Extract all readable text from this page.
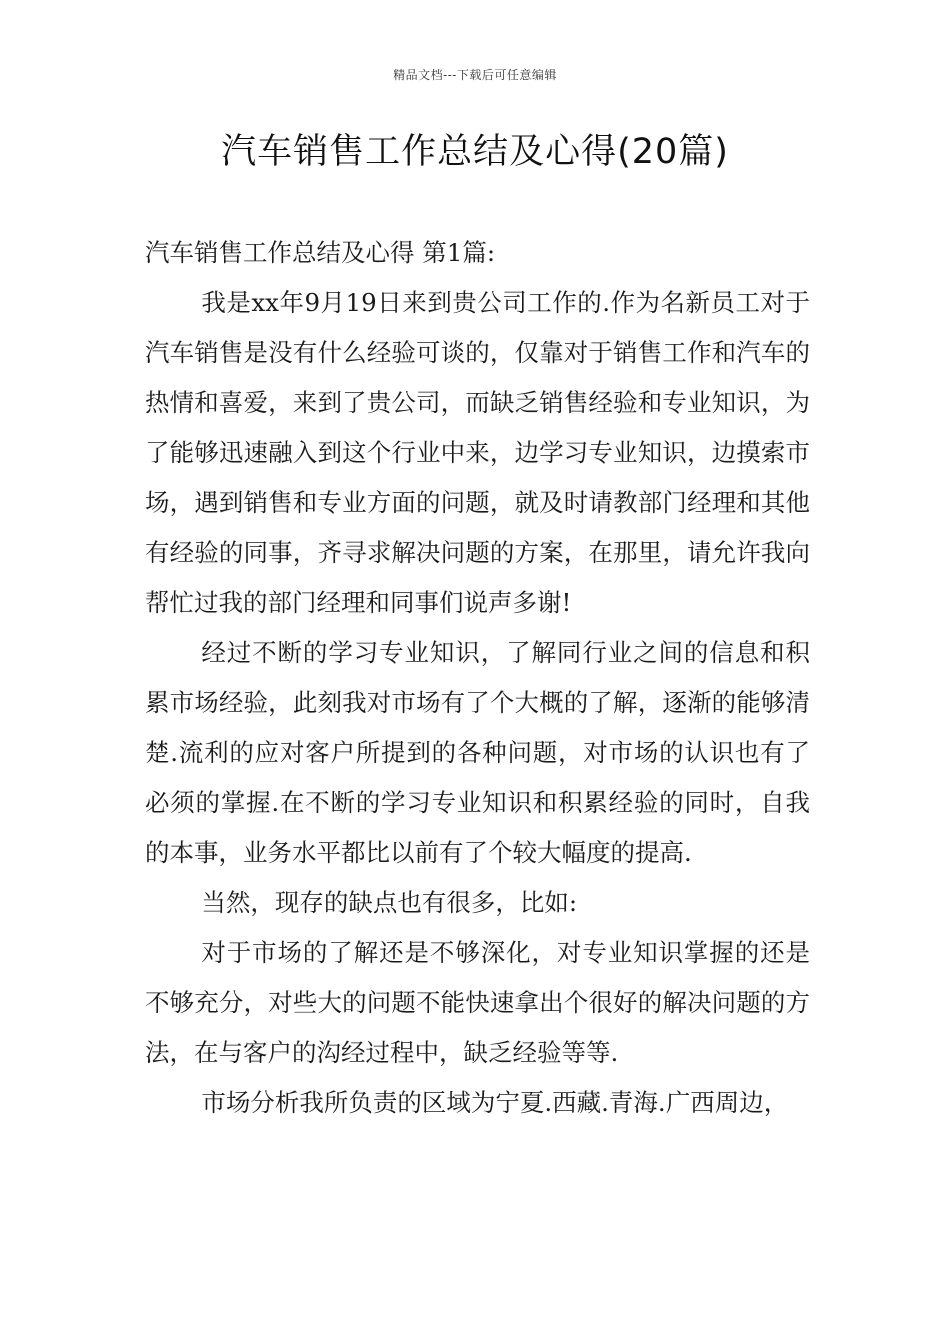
精品文档---下载后可任意编辑
汽车销售工作总结及心得(20篇)

汽车销售工作总结及心得 第1篇:

我是xx年9月19日来到贵公司工作的.作为名新员工对于汽车销售是没有什么经验可谈的，仅靠对于销售工作和汽车的热情和喜爱，来到了贵公司，而缺乏销售经验和专业知识，为了能够迅速融入到这个行业中来，边学习专业知识，边摸索市场，遇到销售和专业方面的问题，就及时请教部门经理和其他有经验的同事，齐寻求解决问题的方案，在那里，请允许我向帮忙过我的部门经理和同事们说声多谢!

经过不断的学习专业知识，了解同行业之间的信息和积累市场经验，此刻我对市场有了个大概的了解，逐渐的能够清楚.流利的应对客户所提到的各种问题，对市场的认识也有了必须的掌握.在不断的学习专业知识和积累经验的同时，自我的本事，业务水平都比以前有了个较大幅度的提高.

当然，现存的缺点也有很多，比如:

对于市场的了解还是不够深化，对专业知识掌握的还是不够充分，对些大的问题不能快速拿出个很好的解决问题的方法，在与客户的沟经过程中，缺乏经验等等.

市场分析我所负责的区域为宁夏.西藏.青海.广西周边，
